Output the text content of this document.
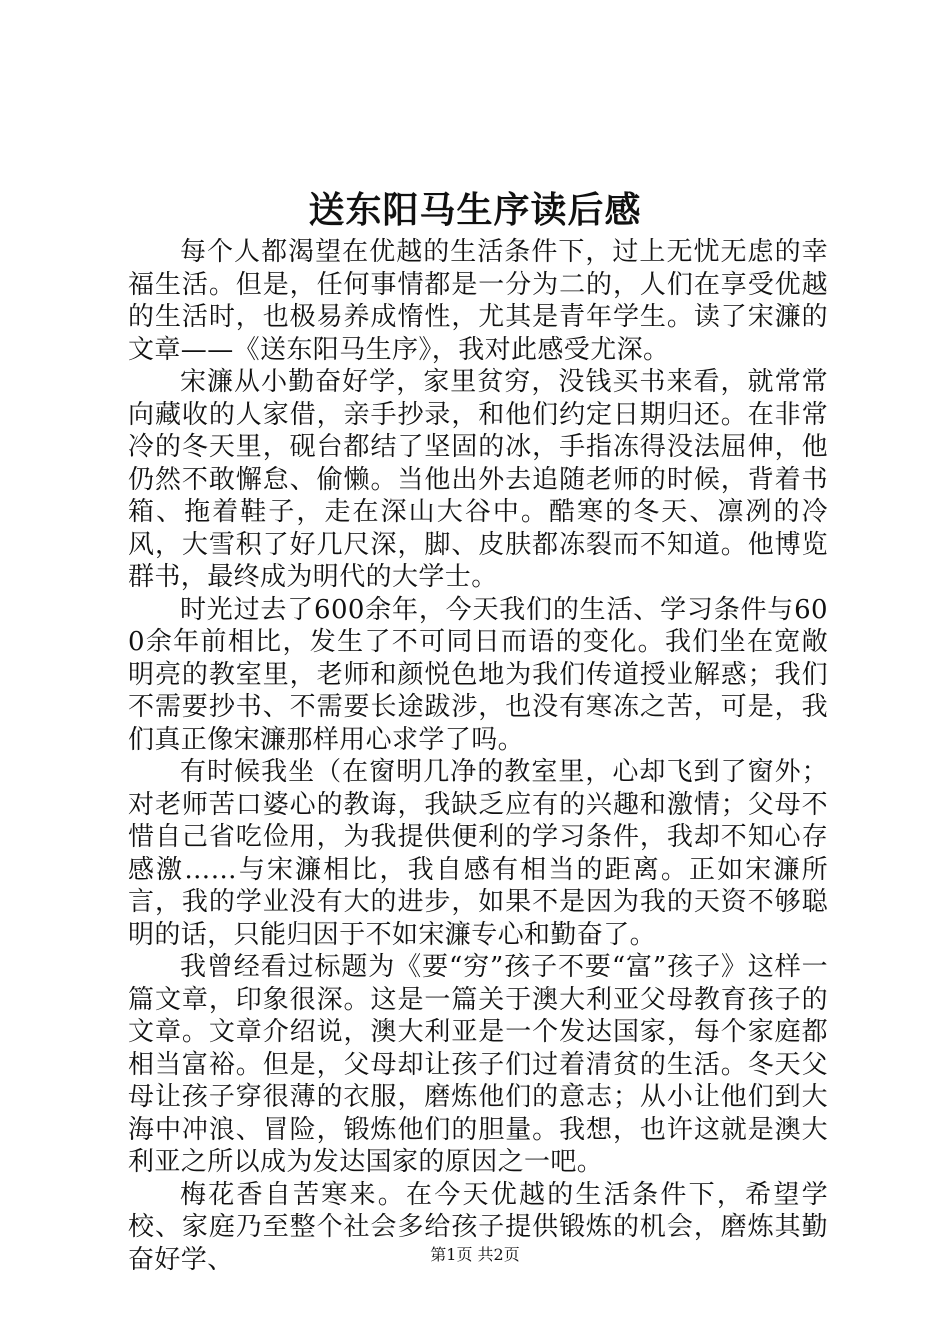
送东阳马生序读后感

每个人都渴望在优越的生活条件下，过上无忧无虑的幸福生活。但是，任何事情都是一分为二的，人们在享受优越的生活时，也极易养成惰性，尤其是青年学生。读了宋濂的文章——《送东阳马生序》，我对此感受尤深。

宋濂从小勤奋好学，家里贫穷，没钱买书来看，就常常向藏收的人家借，亲手抄录，和他们约定日期归还。在非常冷的冬天里，砚台都结了坚固的冰，手指冻得没法屈伸，他仍然不敢懈怠、偷懒。当他出外去追随老师的时候，背着书箱、拖着鞋子，走在深山大谷中。酷寒的冬天、凛冽的冷风，大雪积了好几尺深，脚、皮肤都冻裂而不知道。他博览群书，最终成为明代的大学士。

时光过去了600余年，今天我们的生活、学习条件与600余年前相比，发生了不可同日而语的变化。我们坐在宽敞明亮的教室里，老师和颜悦色地为我们传道授业解惑；我们不需要抄书、不需要长途跋涉，也没有寒冻之苦，可是，我们真正像宋濂那样用心求学了吗。

有时候我坐（在窗明几净的教室里，心却飞到了窗外；对老师苦口婆心的教诲，我缺乏应有的兴趣和激情；父母不惜自己省吃俭用，为我提供便利的学习条件，我却不知心存感激……与宋濂相比，我自感有相当的距离。正如宋濂所言，我的学业没有大的进步，如果不是因为我的天资不够聪明的话，只能归因于不如宋濂专心和勤奋了。

我曾经看过标题为《要“穷”孩子不要“富”孩子》这样一篇文章，印象很深。这是一篇关于澳大利亚父母教育孩子的文章。文章介绍说，澳大利亚是一个发达国家，每个家庭都相当富裕。但是，父母却让孩子们过着清贫的生活。冬天父母让孩子穿很薄的衣服，磨炼他们的意志；从小让他们到大海中冲浪、冒险，锻炼他们的胆量。我想，也许这就是澳大利亚之所以成为发达国家的原因之一吧。

梅花香自苦寒来。在今天优越的生活条件下，希望学校、家庭乃至整个社会多给孩子提供锻炼的机会，磨炼其勤奋好学、	第1页 共2页
